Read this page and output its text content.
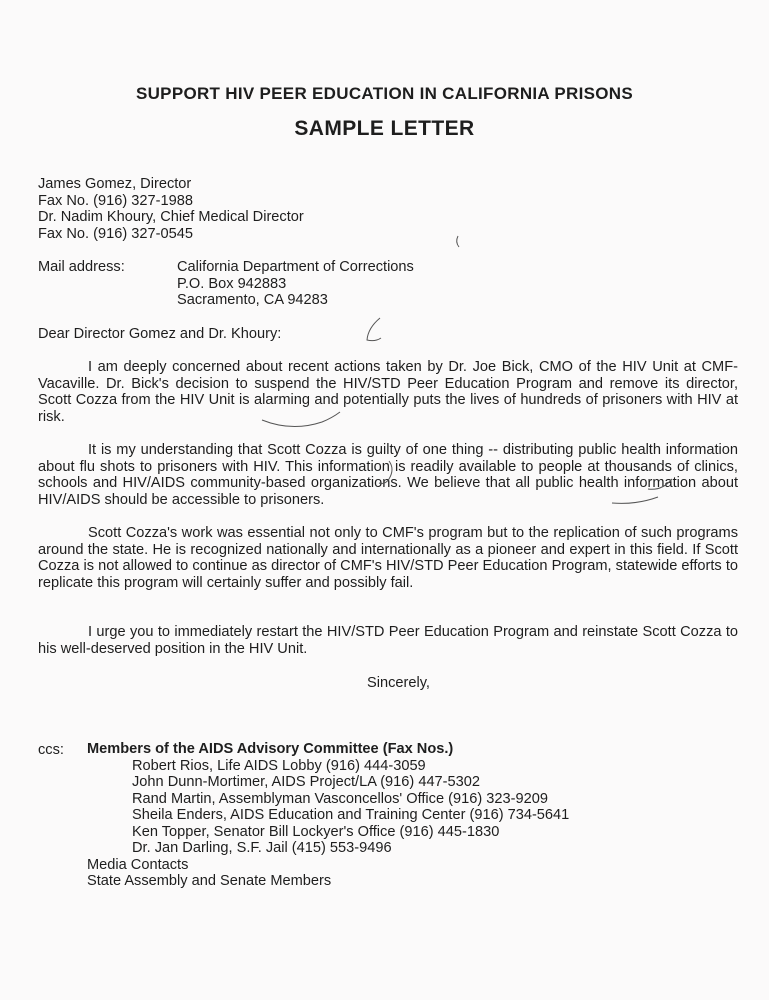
SUPPORT HIV PEER EDUCATION IN CALIFORNIA PRISONS
SAMPLE LETTER

James Gomez, Director

Fax No. (916) 327-1988

Dr. Nadim Khoury, Chief Medical Director

Fax No. (916) 327-0545

Mail address:	California Department of Corrections

P.O. Box 942883

Sacramento, CA 94283

Dear Director Gomez and Dr. Khoury:

I am deeply concerned about recent actions taken by Dr. Joe Bick, CMO of the HIV Unit at CMF-Vacaville. Dr. Bick's decision to suspend the HIV/STD Peer Education Program and remove its director, Scott Cozza from the HIV Unit is alarming and potentially puts the lives of hundreds of prisoners with HIV at risk.

It is my understanding that Scott Cozza is guilty of one thing -- distributing public health information about flu shots to prisoners with HIV. This information is readily available to people at thousands of clinics, schools and HIV/AIDS community-based organizations. We believe that all public health information about HIV/AIDS should be accessible to prisoners.

Scott Cozza's work was essential not only to CMF's program but to the replication of such programs around the state. He is recognized nationally and internationally as a pioneer and expert in this field. If Scott Cozza is not allowed to continue as director of CMF's HIV/STD Peer Education Program, statewide efforts to replicate this program will certainly suffer and possibly fail.

I urge you to immediately restart the HIV/STD Peer Education Program and reinstate Scott Cozza to his well-deserved position in the HIV Unit.

Sincerely,

ccs: Members of the AIDS Advisory Committee (Fax Nos.)

Robert Rios, Life AIDS Lobby (916) 444-3059

John Dunn-Mortimer, AIDS Project/LA (916) 447-5302

Rand Martin, Assemblyman Vasconcellos' Office (916) 323-9209

Sheila Enders, AIDS Education and Training Center (916) 734-5641

Ken Topper, Senator Bill Lockyer's Office (916) 445-1830

Dr. Jan Darling, S.F. Jail (415) 553-9496

Media Contacts

State Assembly and Senate Members
